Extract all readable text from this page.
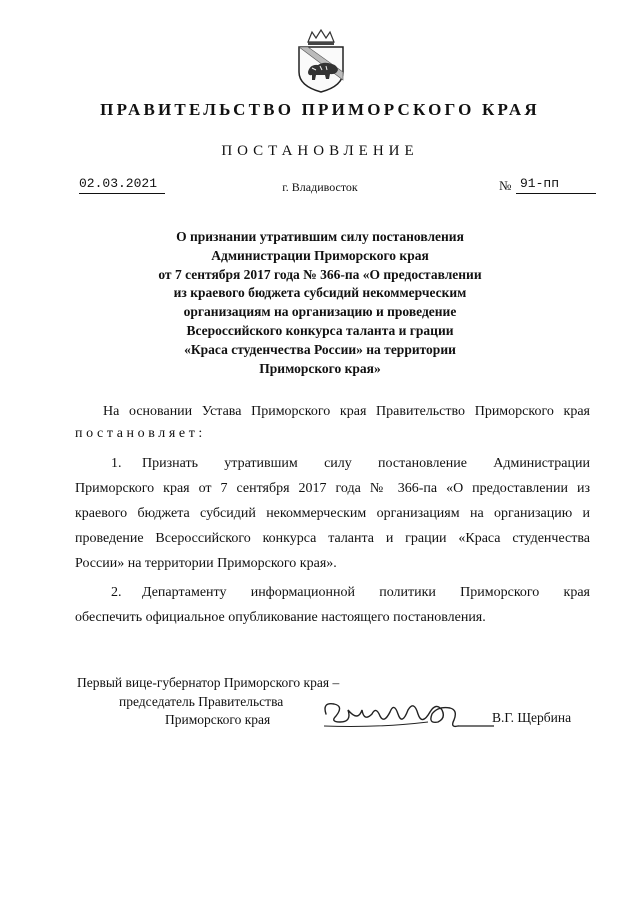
ПРАВИТЕЛЬСТВО ПРИМОРСКОГО КРАЯ
ПОСТАНОВЛЕНИЕ
02.03.2021	г. Владивосток	№ 91-пп
О признании утратившим силу постановления
Администрации Приморского края
от 7 сентября 2017 года № 366-па «О предоставлении
из краевого бюджета субсидий некоммерческим
организациям на организацию и проведение
Всероссийского конкурса таланта и грации
«Краса студенчества России» на территории
Приморского края»
На основании Устава Приморского края Правительство Приморского края
постановляет:
1. Признать утратившим силу постановление Администрации
Приморского края от 7 сентября 2017 года № 366-па «О предоставлении из
краевого бюджета субсидий некоммерческим организациям на организацию и
проведение Всероссийского конкурса таланта и грации «Краса студенчества
России» на территории Приморского края».
2. Департаменту информационной политики Приморского края
обеспечить официальное опубликование настоящего постановления.
Первый вице-губернатор Приморского края –
председатель Правительства
Приморского края	В.Г. Щербина
